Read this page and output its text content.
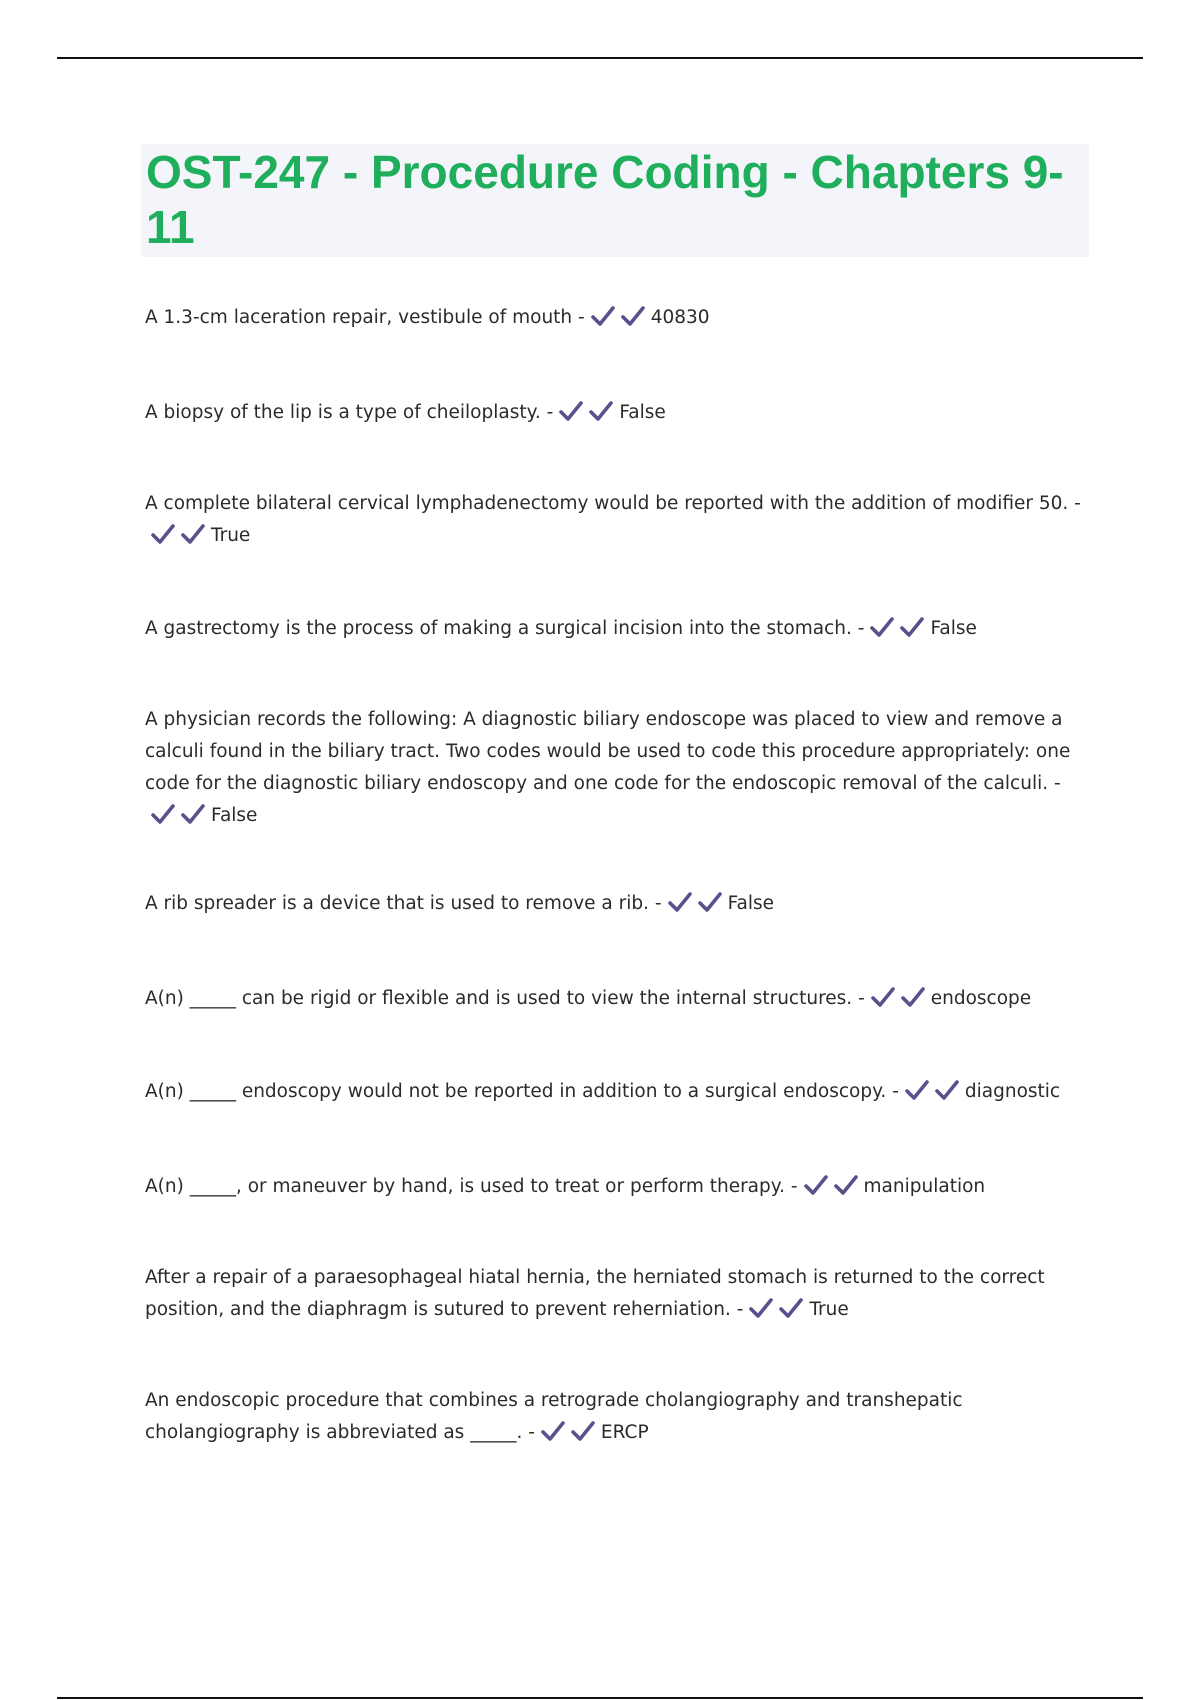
OST-247 - Procedure Coding - Chapters 9-11

A 1.3-cm laceration repair, vestibule of mouth -	40830

A biopsy of the lip is a type of cheiloplasty. -	False

A complete bilateral cervical lymphadenectomy would be reported with the addition of modifier 50. -True

A gastrectomy is the process of making a surgical incision into the stomach. -	False

A physician records the following: A diagnostic biliary endoscope was placed to view and remove a calculi found in the biliary tract. Two codes would be used to code this procedure appropriately: one code for the diagnostic biliary endoscopy and one code for the endoscopic removal of the calculi. -False

A rib spreader is a device that is used to remove a rib. -	False

A(n) _____ can be rigid or flexible and is used to view the internal structures. -	endoscope

A(n) _____ endoscopy would not be reported in addition to a surgical endoscopy. -	diagnostic

A(n) _____, or maneuver by hand, is used to treat or perform therapy. -	manipulation

After a repair of a paraesophageal hiatal hernia, the herniated stomach is returned to the correct position, and the diaphragm is sutured to prevent reherniation. -	True

An endoscopic procedure that combines a retrograde cholangiography and transhepatic cholangiography is abbreviated as _____. -	ERCP
